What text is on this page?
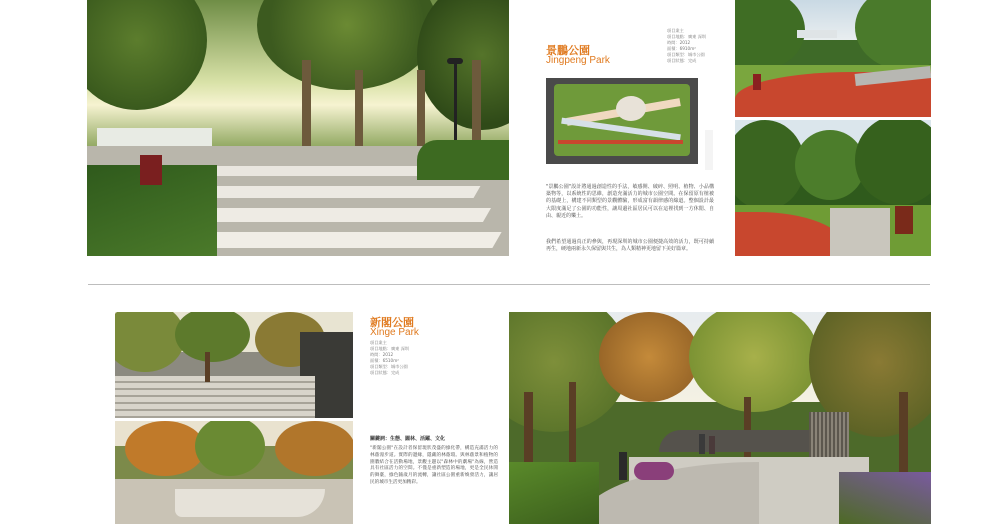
項目業主
項目地點：廣東 深圳
時間：2012
面積：6910m²
項目類型：城市公園
項目狀態：完成
景鵬公園
Jingpeng Park
"景鵬公園"設計將通過創造性的手法，敏感開、破碎、照明、植物、小品構築物等，以系統性的思維，創造充滿活力的城市公園空間。在保留原有植被的基礎上，構建不同類型的景觀體驗，形成富有韻律感的綠道。整個設計最大限度滿足了公園的功能性，讓周邊社區居民可以在這裡找到一方休閒、自由、親近的樂土。
我們希望通過真正的參與，再現深圳的城市公園便捷高效的活力，既可持續再生，硬地兩新永久保留與共生，為人類精神更地留下美好篇章。
新閣公園
Xinge Park
項目業主
項目地點：廣東 深圳
時間：2012
面積：6510m²
項目類型：城市公園
項目狀態：完成
關鍵詞：生態、圓林、活躍、文化
"新閣公園"在設計者保留現狀茂盛的綠化帶，構造充滿活力的林蔭漫步道。實際的邊緣，隱藏的林蔭環。與林蔭景和植物的圍牆結合在活動場地，景觀主題以"森林中的劇場"為線，營造具有社區活力的空間。不僅是重新塑造的場地，更是全民休閒的舞臺，綠色隨歲月的流轉，讓社區公園重新煥發活力，讓居民的城市生活更加精彩。
